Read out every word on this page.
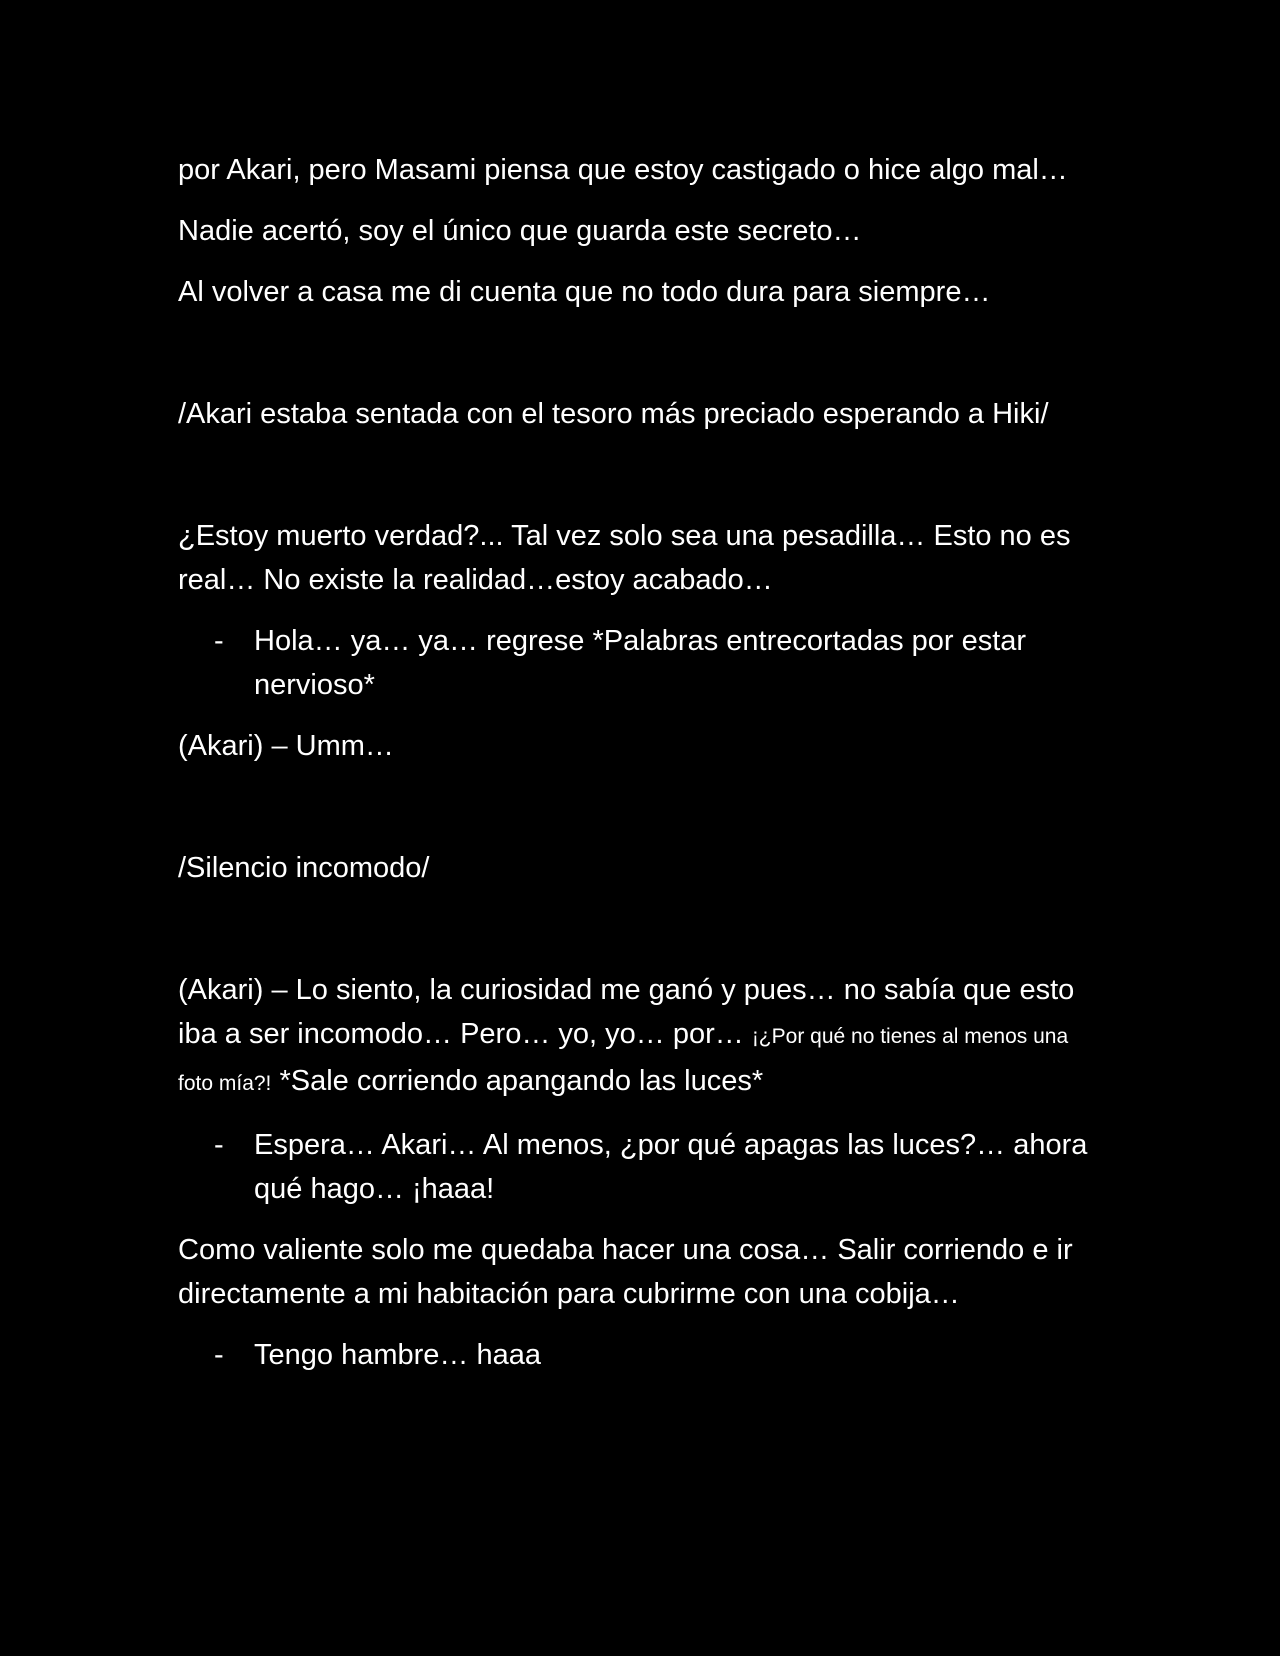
por Akari, pero Masami piensa que estoy castigado o hice algo mal…

Nadie acertó, soy el único que guarda este secreto…

Al volver a casa me di cuenta que no todo dura para siempre…

/Akari estaba sentada con el tesoro más preciado esperando a Hiki/

¿Estoy muerto verdad?... Tal vez solo sea una pesadilla… Esto no es real… No existe la realidad…estoy acabado…

- Hola… ya… ya… regrese *Palabras entrecortadas por estar nervioso*

(Akari) – Umm…

/Silencio incomodo/

(Akari) – Lo siento, la curiosidad me ganó y pues… no sabía que esto iba a ser incomodo… Pero… yo, yo… por… ¡¿Por qué no tienes al menos una foto mía?! *Sale corriendo apangando las luces*

- Espera… Akari… Al menos, ¿por qué apagas las luces?… ahora qué hago… ¡haaa!

Como valiente solo me quedaba hacer una cosa… Salir corriendo e ir directamente a mi habitación para cubrirme con una cobija…

- Tengo hambre… haaa
